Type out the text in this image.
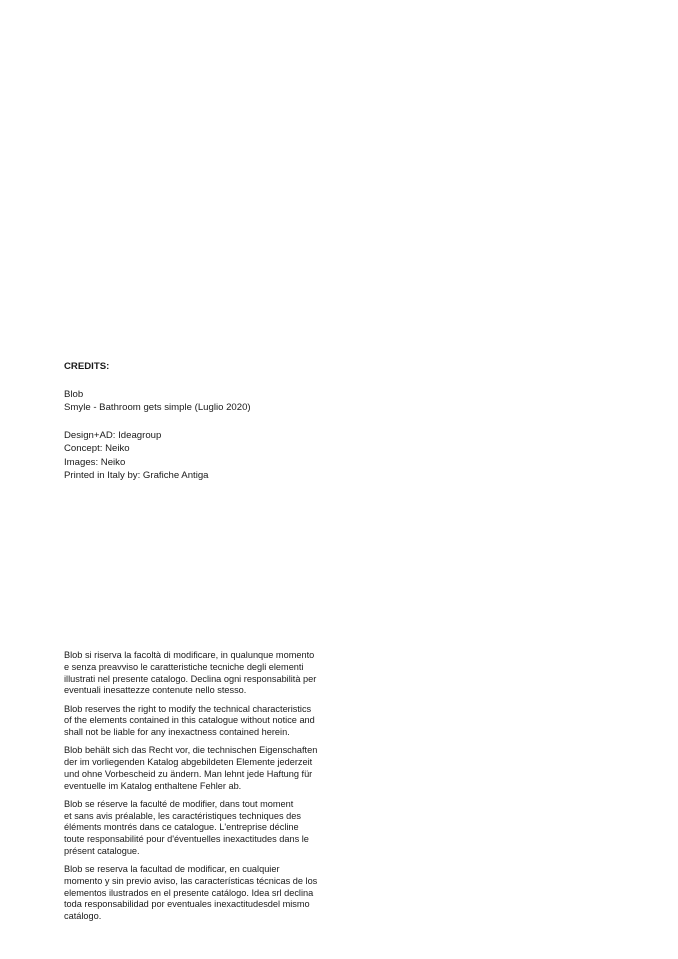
CREDITS:
Blob
Smyle - Bathroom gets simple (Luglio 2020)
Design+AD: Ideagroup
Concept: Neiko
Images: Neiko
Printed in Italy by: Grafiche Antiga

Blob si riserva la facoltà di modificare, in qualunque momento
e senza preavviso le caratteristiche tecniche degli elementi
illustrati nel presente catalogo. Declina ogni responsabilità per
eventuali inesattezze contenute nello stesso.

Blob reserves the right to modify the technical characteristics
of the elements contained in this catalogue without notice and
shall not be liable for any inexactness contained herein.

Blob behält sich das Recht vor, die technischen Eigenschaften
der im vorliegenden Katalog abgebildeten Elemente jederzeit
und ohne Vorbescheid zu ändern. Man lehnt jede Haftung für
eventuelle im Katalog enthaltene Fehler ab.

Blob se réserve la faculté de modifier, dans tout moment
et sans avis préalable, les caractéristiques techniques des
éléments montrés dans ce catalogue. L'entreprise décline
toute responsabilité pour d'éventuelles inexactitudes dans le
présent catalogue.

Blob se reserva la facultad de modificar, en cualquier
momento y sin previo aviso, las características técnicas de los
elementos ilustrados en el presente catálogo. Idea srl declina
toda responsabilidad por eventuales inexactitudesdel mismo
catálogo.
